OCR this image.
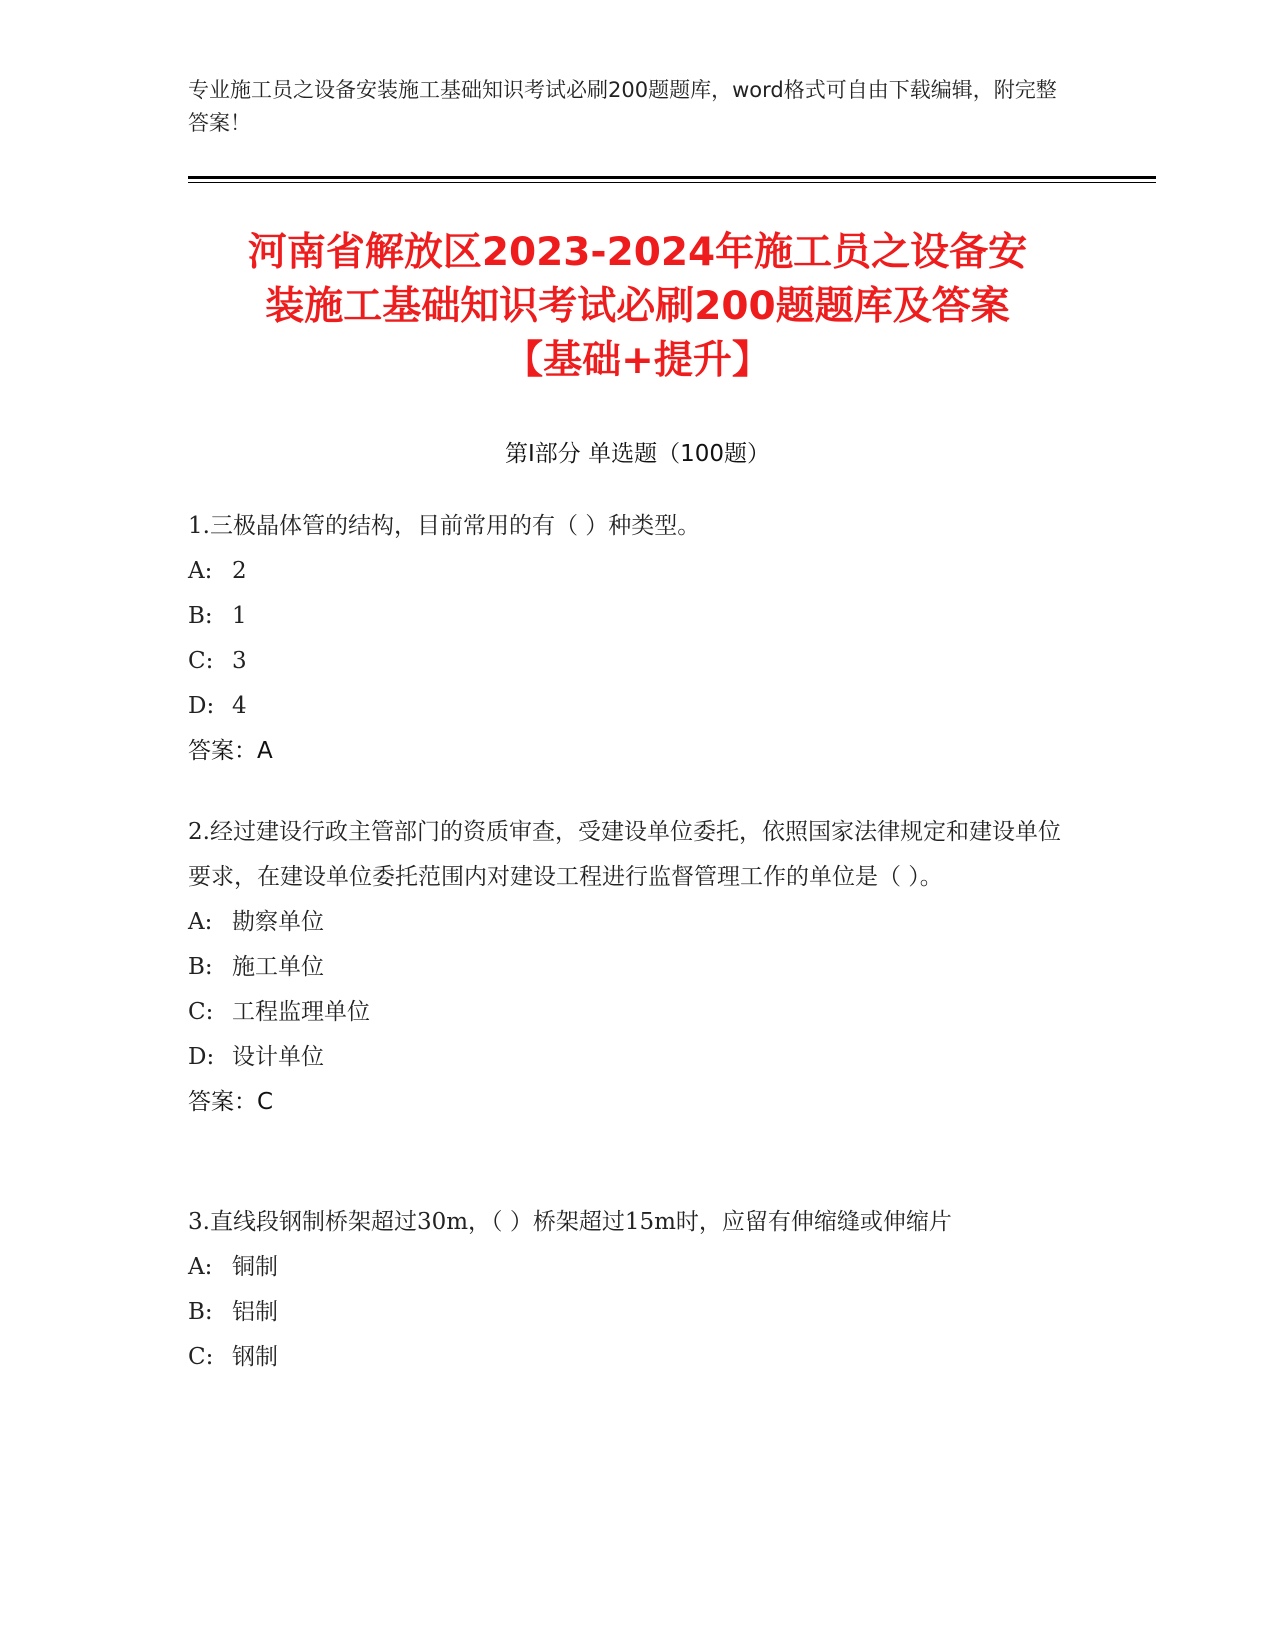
专业施工员之设备安装施工基础知识考试必刷200题题库，word格式可自由下载编辑，附完整答案！
河南省解放区2023-2024年施工员之设备安
装施工基础知识考试必刷200题题库及答案
【基础+提升】
第Ⅰ部分 单选题（100题）

1.三极晶体管的结构，目前常用的有（ ）种类型。

A: 2

B: 1

C: 3

D: 4

答案：A

2.经过建设行政主管部门的资质审查，受建设单位委托，依照国家法律规定和建设单位要求，在建设单位委托范围内对建设工程进行监督管理工作的单位是（ ）。

A: 勘察单位

B: 施工单位

C: 工程监理单位

D: 设计单位

答案：C

3.直线段钢制桥架超过30m，（ ）桥架超过15m时，应留有伸缩缝或伸缩片

A: 铜制

B: 铝制

C: 钢制
